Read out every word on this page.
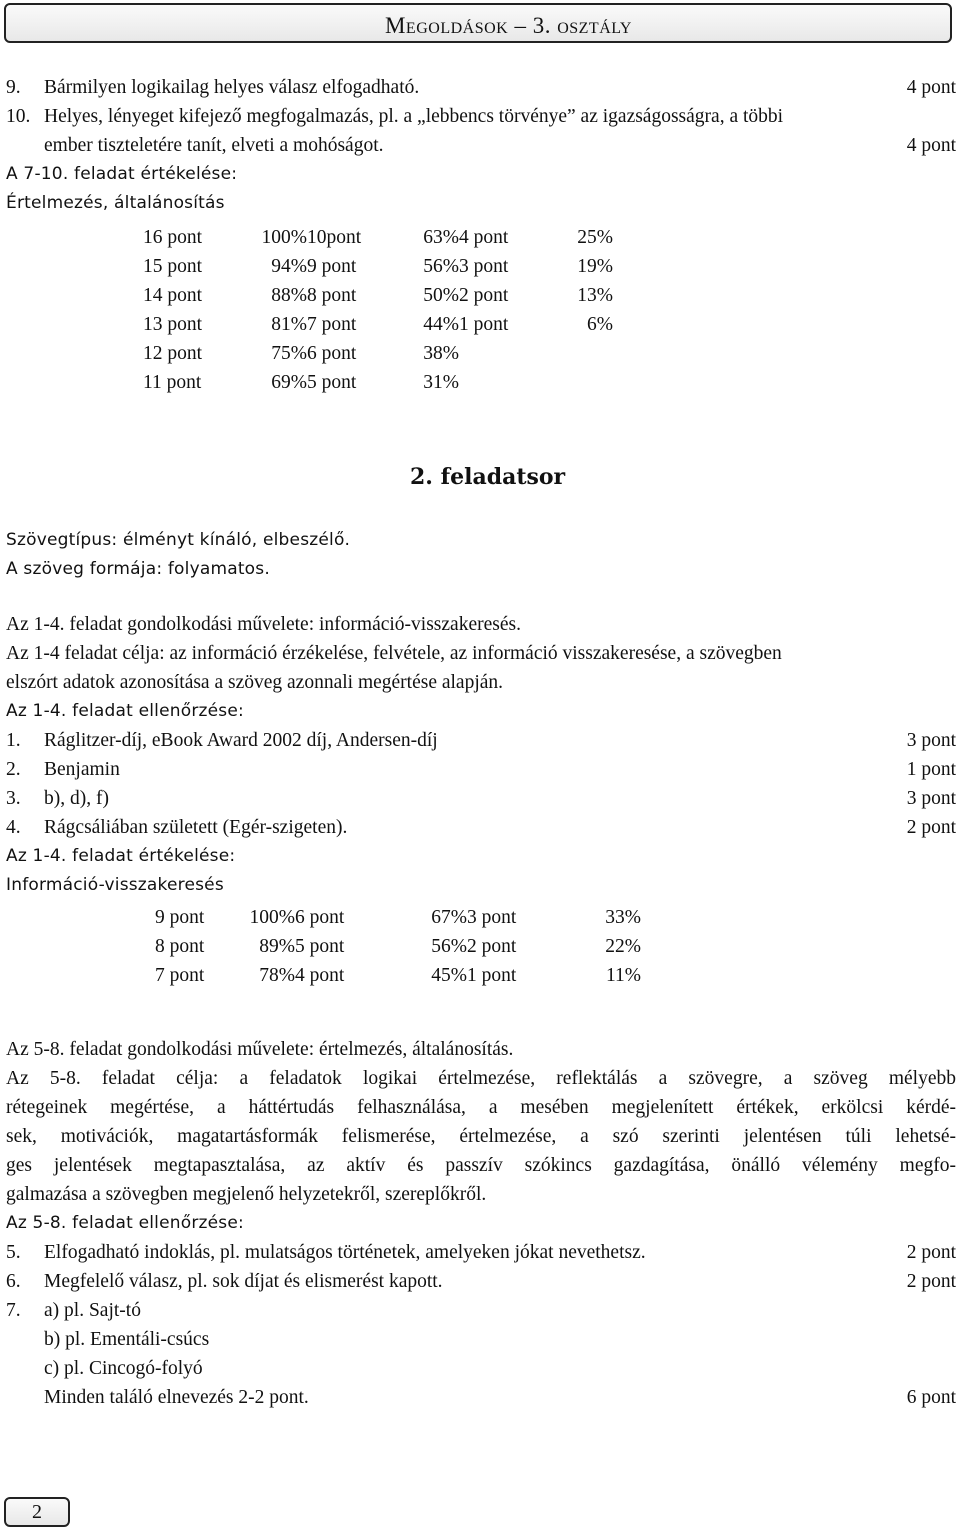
Megoldások – 3. osztály
9. Bármilyen logikailag helyes válasz elfogadható.	4 pont
10. Helyes, lényeget kifejező megfogalmazás, pl. a „lebbencs törvénye” az igazságosságra, a többi
ember tiszteletére tanít, elveti a mohóságot.	4 pont
A 7-10. feladat értékelése:
Értelmezés, általánosítás
16 pont	100%	10pont	63%	4 pont	25%
15 pont	94%	9 pont	56%	3 pont	19%
14 pont	88%	8 pont	50%	2 pont	13%
13 pont	81%	7 pont	44%	1 pont	6%
12 pont	75%	6 pont	38%		
11 pont	69%	5 pont	31%		
2. feladatsor
Szövegtípus: élményt kínáló, elbeszélő.
A szöveg formája: folyamatos.
Az 1-4. feladat gondolkodási művelete: információ-visszakeresés.
Az 1-4 feladat célja: az információ érzékelése, felvétele, az információ visszakeresése, a szövegben
elszórt adatok azonosítása a szöveg azonnali megértése alapján.
Az 1-4. feladat ellenőrzése:
1. Ráglitzer-díj, eBook Award 2002 díj, Andersen-díj	3 pont
2. Benjamin	1 pont
3. b), d), f)	3 pont
4. Rágcsáliában született (Egér-szigeten).	2 pont
Az 1-4. feladat értékelése:
Információ-visszakeresés
9 pont	100%	6 pont	67%	3 pont	33%
8 pont	89%	5 pont	56%	2 pont	22%
7 pont	78%	4 pont	45%	1 pont	11%
Az 5-8. feladat gondolkodási művelete: értelmezés, általánosítás.
Az 5-8. feladat célja: a feladatok logikai értelmezése, reflektálás a szövegre, a szöveg mélyebb
rétegeinek megértése, a háttértudás felhasználása, a mesében megjelenített értékek, erkölcsi kérdé-
sek, motivációk, magatartásformák felismerése, értelmezése, a szó szerinti jelentésen túli lehetsé-
ges jelentések megtapasztalása, az aktív és passzív szókincs gazdagítása, önálló vélemény megfo-
galmazása a szövegben megjelenő helyzetekről, szereplőkről.
Az 5-8. feladat ellenőrzése:
5. Elfogadható indoklás, pl. mulatságos történetek, amelyeken jókat nevethetsz.	2 pont
6. Megfelelő válasz, pl. sok díjat és elismerést kapott.	2 pont
7. a) pl. Sajt-tó
b) pl. Ementáli-csúcs
c) pl. Cincogó-folyó
Minden találó elnevezés 2-2 pont.	6 pont
2
